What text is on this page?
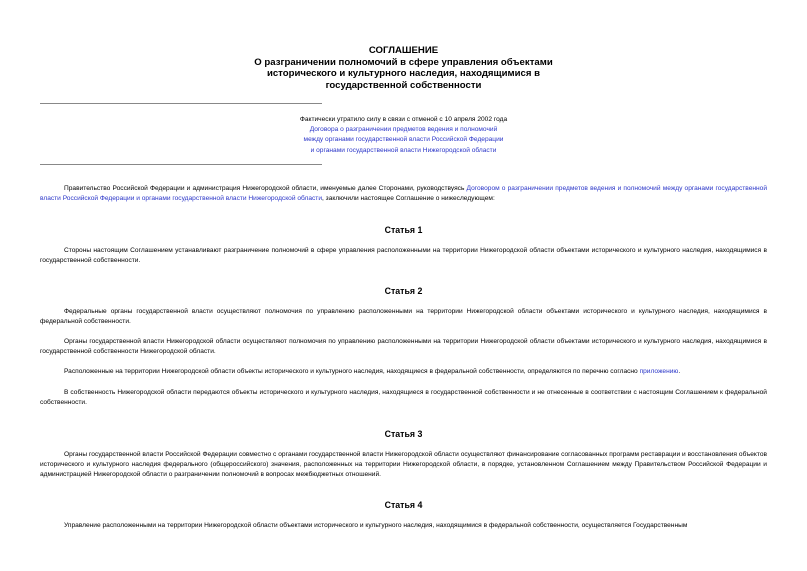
СОГЛАШЕНИЕ
О разграничении полномочий в сфере управления объектами
исторического и культурного наследия, находящимися в
государственной собственности
Фактически утратило силу в связи с отменой с 10 апреля 2002 года
Договора о разграничении предметов ведения и полномочий
между органами государственной власти Российской Федерации
и органами государственной власти Нижегородской области
Правительство Российской Федерации и администрация Нижегородской области, именуемые далее Сторонами, руководствуясь Договором о разграничении предметов ведения и полномочий между органами государственной власти Российской Федерации и органами государственной власти Нижегородской области, заключили настоящее Соглашение о нижеследующем:
Статья 1
Стороны настоящим Соглашением устанавливают разграничение полномочий в сфере управления расположенными на территории Нижегородской области объектами исторического и культурного наследия, находящимися в государственной собственности.
Статья 2
Федеральные органы государственной власти осуществляют полномочия по управлению расположенными на территории Нижегородской области объектами исторического и культурного наследия, находящимися в федеральной собственности.
Органы государственной власти Нижегородской области осуществляют полномочия по управлению расположенными на территории Нижегородской области объектами исторического и культурного наследия, находящимися в государственной собственности Нижегородской области.
Расположенные на территории Нижегородской области объекты исторического и культурного наследия, находящиеся в федеральной собственности, определяются по перечню согласно приложению.
В собственность Нижегородской области передаются объекты исторического и культурного наследия, находящиеся в государственной собственности и не отнесенные в соответствии с настоящим Соглашением к федеральной собственности.
Статья 3
Органы государственной власти Российской Федерации совместно с органами государственной власти Нижегородской области осуществляют финансирование согласованных программ реставрации и восстановления объектов исторического и культурного наследия федерального (общероссийского) значения, расположенных на территории Нижегородской области, в порядке, установленном Соглашением между Правительством Российской Федерации и администрацией Нижегородской области о разграничении полномочий в вопросах межбюджетных отношений.
Статья 4
Управление расположенными на территории Нижегородской области объектами исторического и культурного наследия, находящимися в федеральной собственности, осуществляется Государственным
